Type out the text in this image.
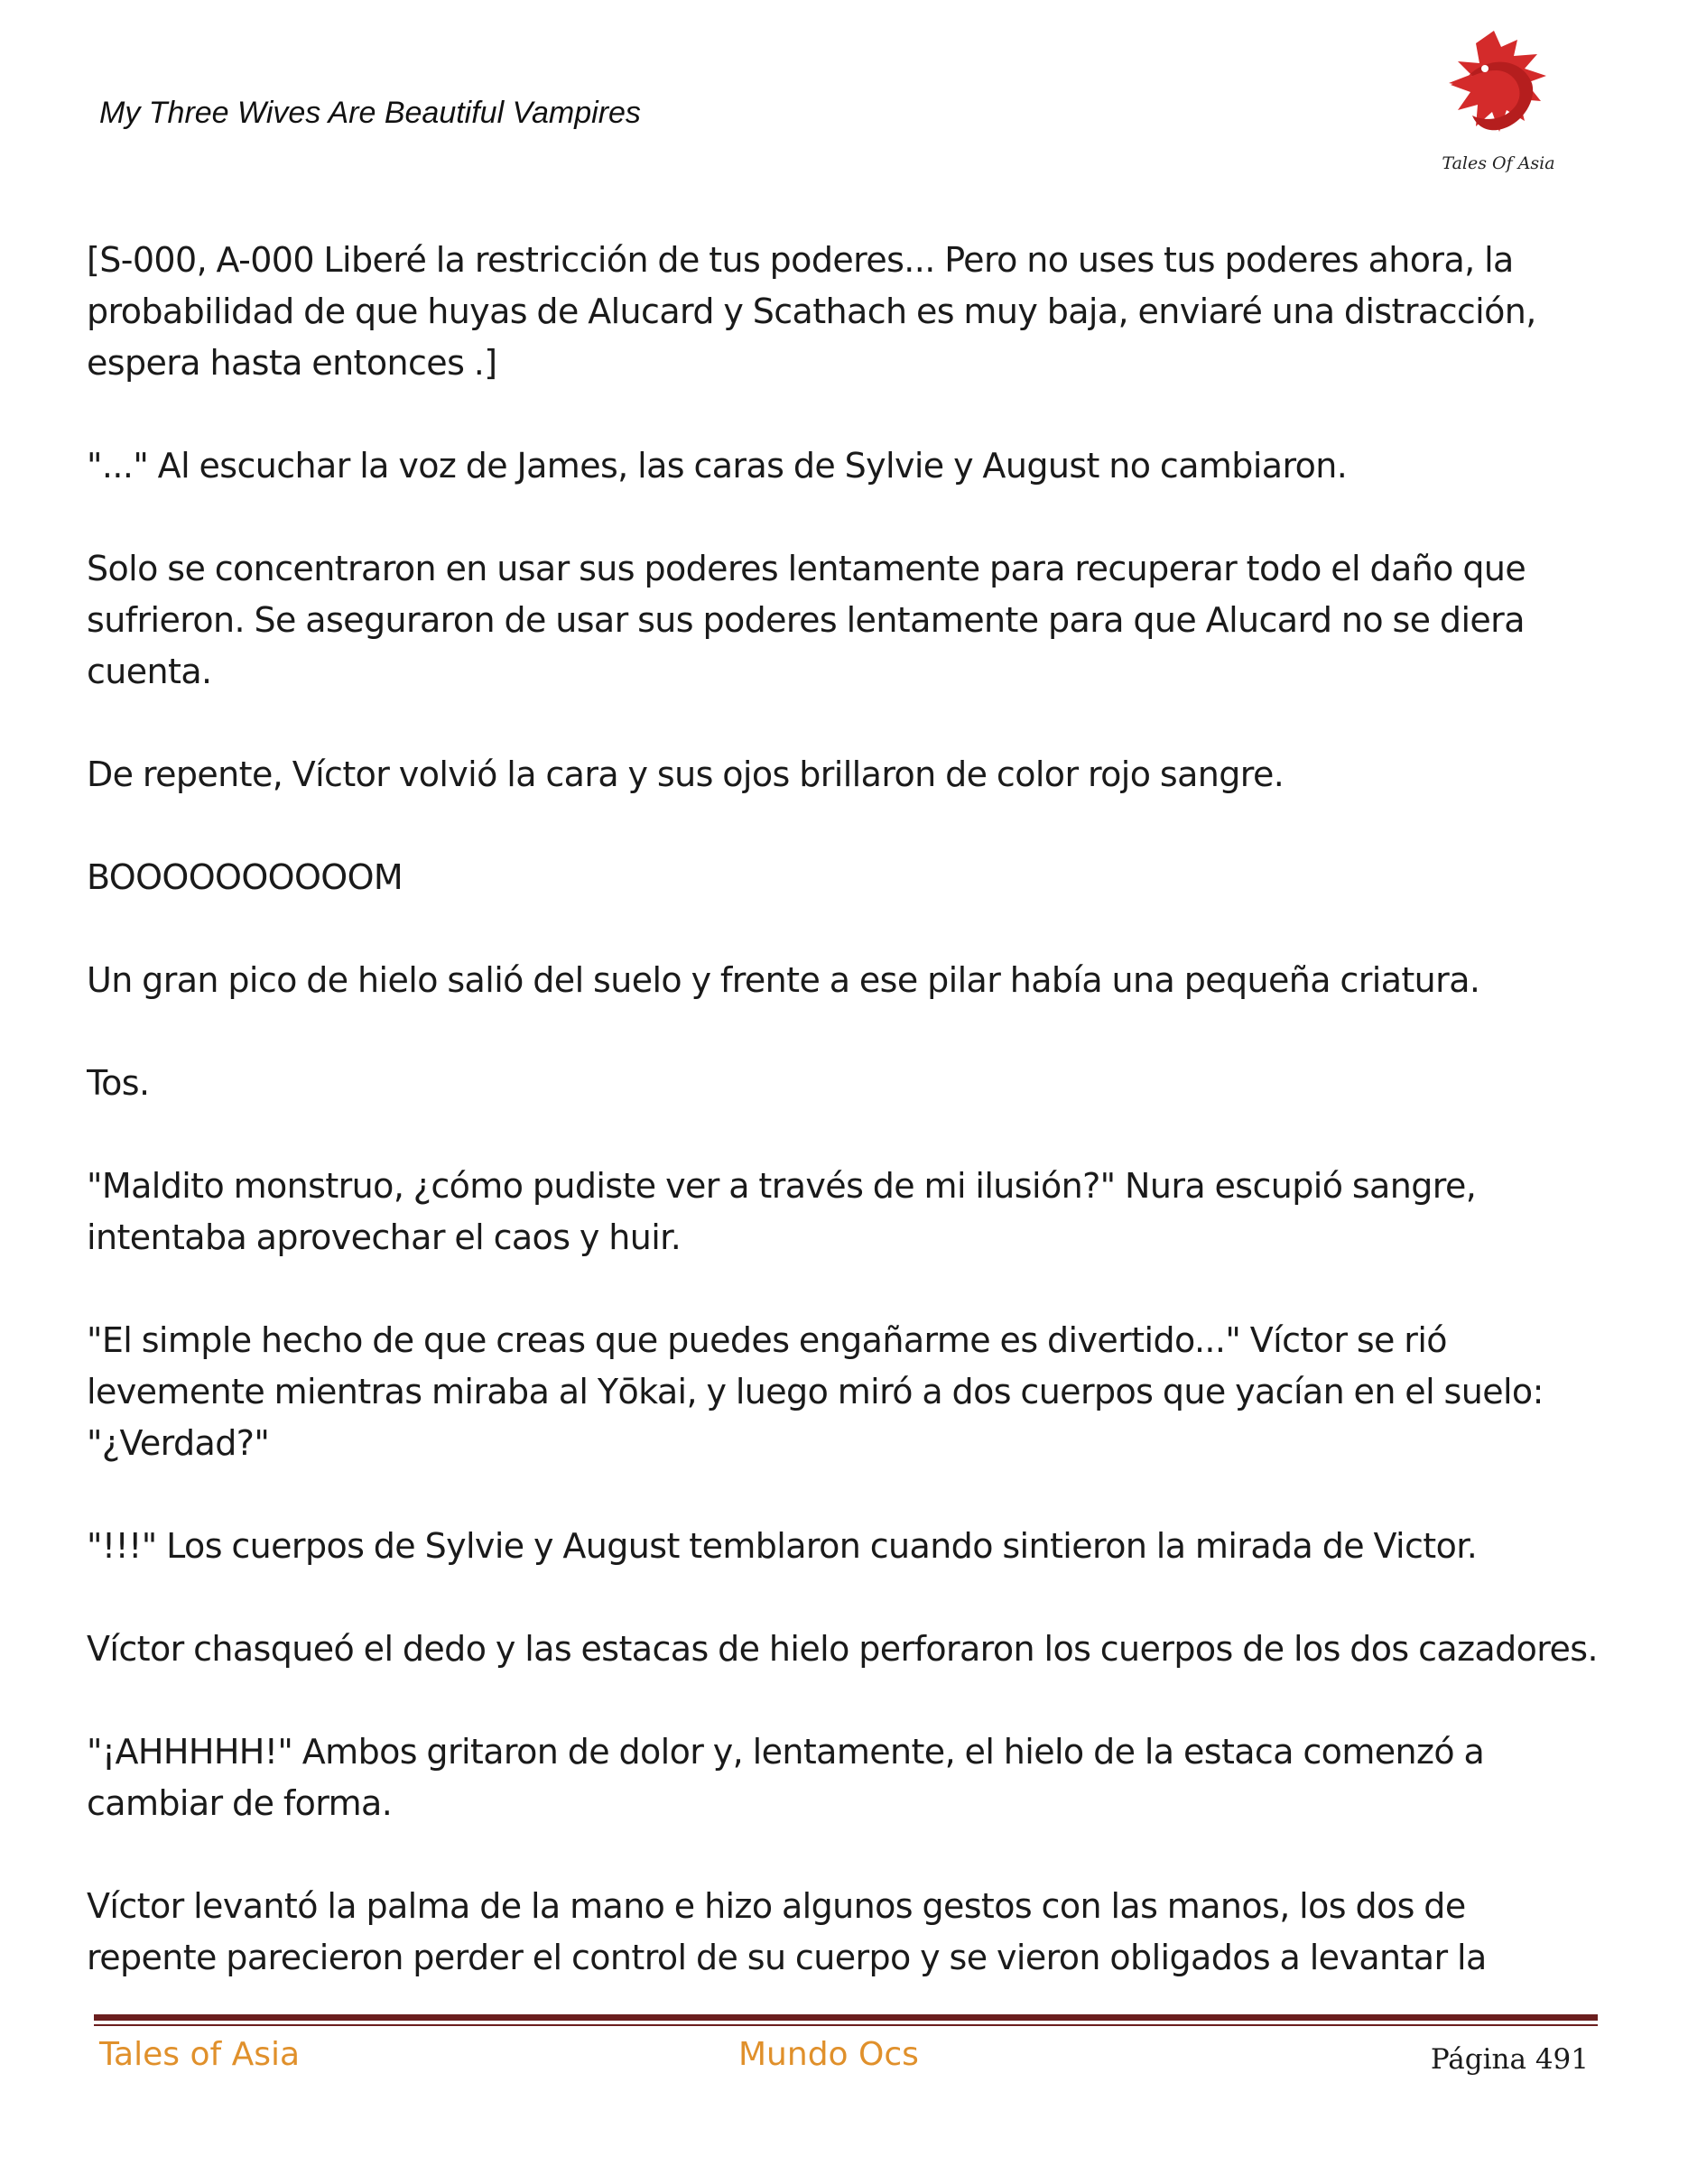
My Three Wives Are Beautiful Vampires
Tales Of Asia

[S-000, A-000 Liberé la restricción de tus poderes... Pero no uses tus poderes ahora, la probabilidad de que huyas de Alucard y Scathach es muy baja, enviaré una distracción, espera hasta entonces .]

"..." Al escuchar la voz de James, las caras de Sylvie y August no cambiaron.

Solo se concentraron en usar sus poderes lentamente para recuperar todo el daño que sufrieron. Se aseguraron de usar sus poderes lentamente para que Alucard no se diera cuenta.

De repente, Víctor volvió la cara y sus ojos brillaron de color rojo sangre.

BOOOOOOOOOOM

Un gran pico de hielo salió del suelo y frente a ese pilar había una pequeña criatura.

Tos.

"Maldito monstruo, ¿cómo pudiste ver a través de mi ilusión?" Nura escupió sangre, intentaba aprovechar el caos y huir.

"El simple hecho de que creas que puedes engañarme es divertido..." Víctor se rió levemente mientras miraba al Yōkai, y luego miró a dos cuerpos que yacían en el suelo: "¿Verdad?"

"!!!" Los cuerpos de Sylvie y August temblaron cuando sintieron la mirada de Victor.

Víctor chasqueó el dedo y las estacas de hielo perforaron los cuerpos de los dos cazadores.

"¡AHHHHH!" Ambos gritaron de dolor y, lentamente, el hielo de la estaca comenzó a cambiar de forma.

Víctor levantó la palma de la mano e hizo algunos gestos con las manos, los dos de repente parecieron perder el control de su cuerpo y se vieron obligados a levantar la

Tales of Asia	Mundo Ocs	Página 491
